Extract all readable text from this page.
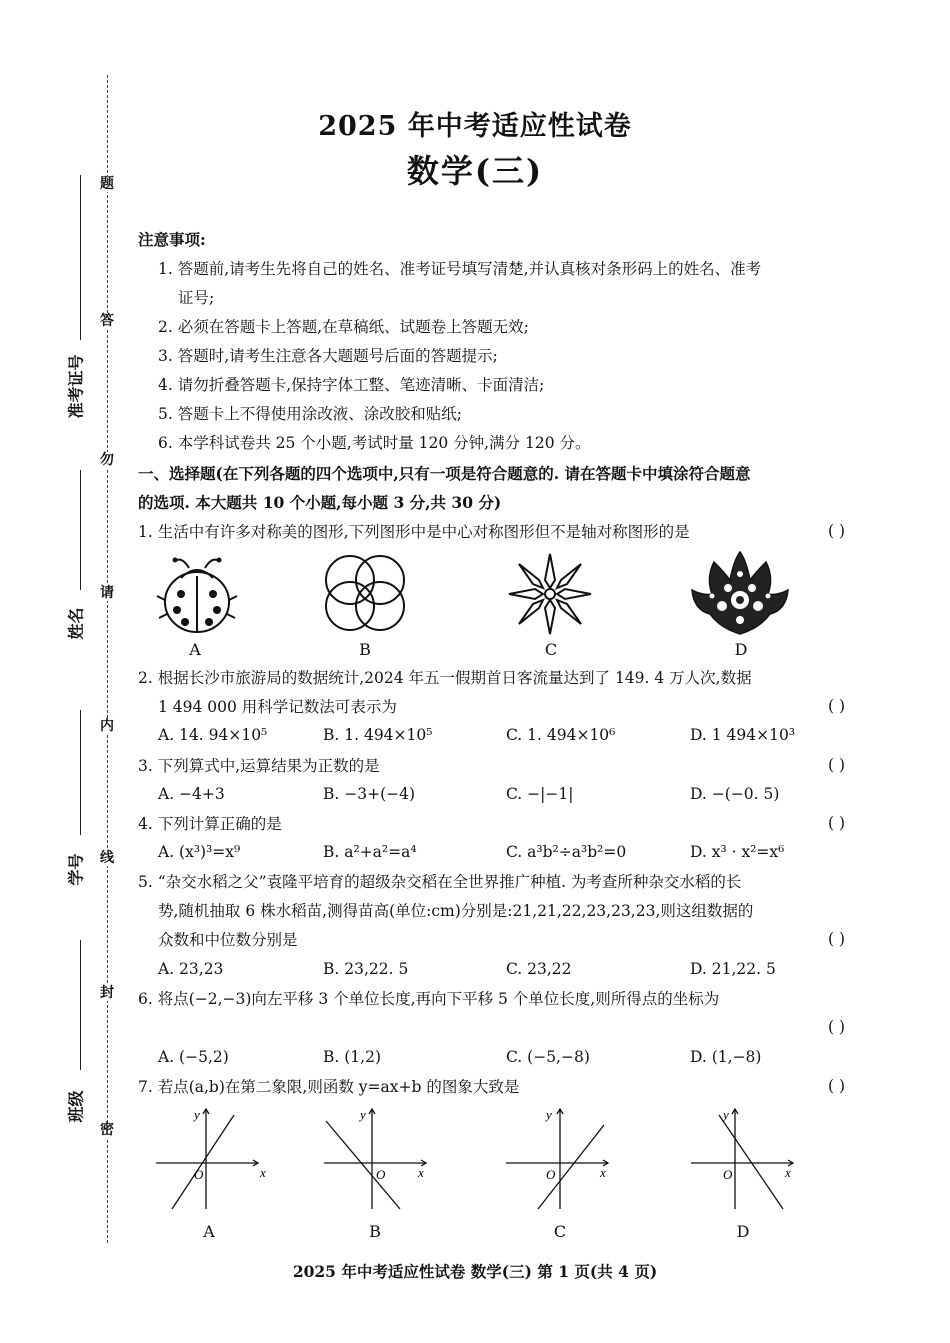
题
答
勿
请
内
线
封
密
准考证号
姓名
学号
班级
2025 年中考适应性试卷
数学(三)
注意事项:
1. 答题前,请考生先将自己的姓名、准考证号填写清楚,并认真核对条形码上的姓名、准考
证号;
2. 必须在答题卡上答题,在草稿纸、试题卷上答题无效;
3. 答题时,请考生注意各大题题号后面的答题提示;
4. 请勿折叠答题卡,保持字体工整、笔迹清晰、卡面清洁;
5. 答题卡上不得使用涂改液、涂改胶和贴纸;
6. 本学科试卷共 25 个小题,考试时量 120 分钟,满分 120 分。
一、选择题(在下列各题的四个选项中,只有一项是符合题意的. 请在答题卡中填涂符合题意
的选项. 本大题共 10 个小题,每小题 3 分,共 30 分)
1. 生活中有许多对称美的图形,下列图形中是中心对称图形但不是轴对称图形的是	( )
A	B	C	D
2. 根据长沙市旅游局的数据统计,2024 年五一假期首日客流量达到了 149. 4 万人次,数据
1 494 000 用科学记数法可表示为	( )
A. 14. 94×10⁵	B. 1. 494×10⁵	C. 1. 494×10⁶	D. 1 494×10³
3. 下列算式中,运算结果为正数的是	( )
A. −4+3	B. −3+(−4)	C. −|−1|	D. −(−0. 5)
4. 下列计算正确的是	( )
A. (x³)³=x⁹	B. a²+a²=a⁴	C. a³b²÷a³b²=0	D. x³ · x²=x⁶
5. “杂交水稻之父”袁隆平培育的超级杂交稻在全世界推广种植. 为考查所种杂交水稻的长
势,随机抽取 6 株水稻苗,测得苗高(单位:cm)分别是:21,21,22,23,23,23,则这组数据的
众数和中位数分别是	( )
A. 23,23	B. 23,22. 5	C. 23,22	D. 21,22. 5
6. 将点(−2,−3)向左平移 3 个单位长度,再向下平移 5 个单位长度,则所得点的坐标为
( )
A. (−5,2)	B. (1,2)	C. (−5,−8)	D. (1,−8)
7. 若点(a,b)在第二象限,则函数 y=ax+b 的图象大致是	( )
x
y
O
A
x
y
O
B
x
y
O
C
x
y
O
D
2025 年中考适应性试卷 数学(三) 第 1 页(共 4 页)
